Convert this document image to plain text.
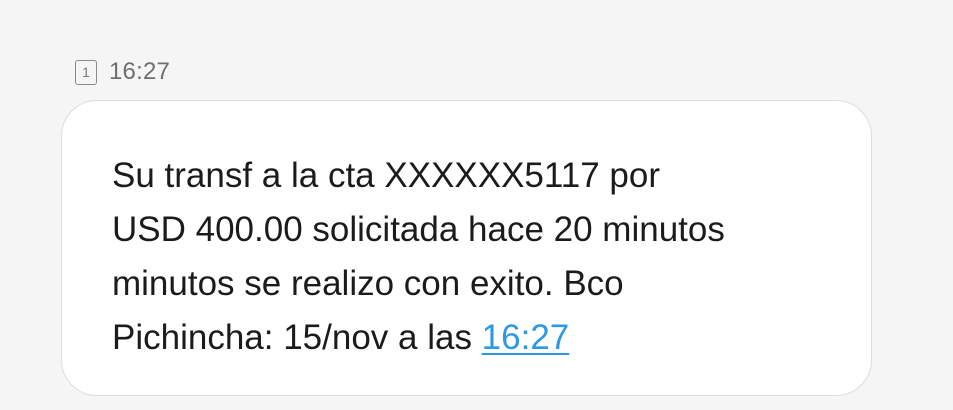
1 16:27

Su transf a la cta XXXXXX5117 por
USD 400.00 solicitada hace 20 minutos
minutos se realizo con exito. Bco
Pichincha: 15/nov a las 16:27
